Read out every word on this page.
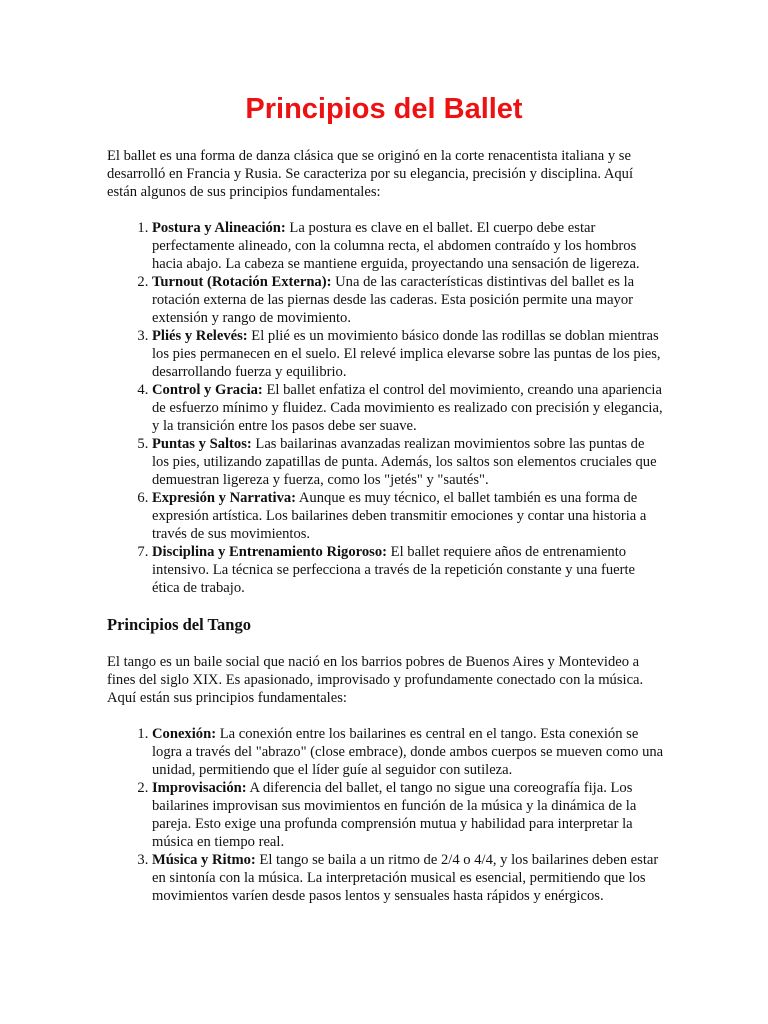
Principios del Ballet

El ballet es una forma de danza clásica que se originó en la corte renacentista italiana y se desarrolló en Francia y Rusia. Se caracteriza por su elegancia, precisión y disciplina. Aquí están algunos de sus principios fundamentales:

1. Postura y Alineación: La postura es clave en el ballet. El cuerpo debe estar perfectamente alineado, con la columna recta, el abdomen contraído y los hombros hacia abajo. La cabeza se mantiene erguida, proyectando una sensación de ligereza.
2. Turnout (Rotación Externa): Una de las características distintivas del ballet es la rotación externa de las piernas desde las caderas. Esta posición permite una mayor extensión y rango de movimiento.
3. Pliés y Relevés: El plié es un movimiento básico donde las rodillas se doblan mientras los pies permanecen en el suelo. El relevé implica elevarse sobre las puntas de los pies, desarrollando fuerza y equilibrio.
4. Control y Gracia: El ballet enfatiza el control del movimiento, creando una apariencia de esfuerzo mínimo y fluidez. Cada movimiento es realizado con precisión y elegancia, y la transición entre los pasos debe ser suave.
5. Puntas y Saltos: Las bailarinas avanzadas realizan movimientos sobre las puntas de los pies, utilizando zapatillas de punta. Además, los saltos son elementos cruciales que demuestran ligereza y fuerza, como los "jetés" y "sautés".
6. Expresión y Narrativa: Aunque es muy técnico, el ballet también es una forma de expresión artística. Los bailarines deben transmitir emociones y contar una historia a través de sus movimientos.
7. Disciplina y Entrenamiento Rigoroso: El ballet requiere años de entrenamiento intensivo. La técnica se perfecciona a través de la repetición constante y una fuerte ética de trabajo.
Principios del Tango

El tango es un baile social que nació en los barrios pobres de Buenos Aires y Montevideo a fines del siglo XIX. Es apasionado, improvisado y profundamente conectado con la música. Aquí están sus principios fundamentales:

1. Conexión: La conexión entre los bailarines es central en el tango. Esta conexión se logra a través del "abrazo" (close embrace), donde ambos cuerpos se mueven como una unidad, permitiendo que el líder guíe al seguidor con sutileza.
2. Improvisación: A diferencia del ballet, el tango no sigue una coreografía fija. Los bailarines improvisan sus movimientos en función de la música y la dinámica de la pareja. Esto exige una profunda comprensión mutua y habilidad para interpretar la música en tiempo real.
3. Música y Ritmo: El tango se baila a un ritmo de 2/4 o 4/4, y los bailarines deben estar en sintonía con la música. La interpretación musical es esencial, permitiendo que los movimientos varíen desde pasos lentos y sensuales hasta rápidos y enérgicos.
